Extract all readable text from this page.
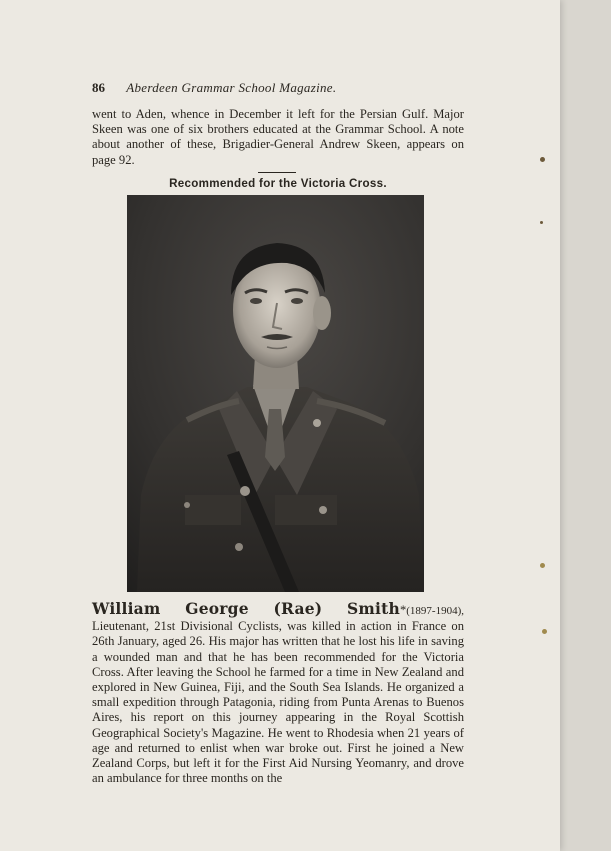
86 Aberdeen Grammar School Magazine.

went to Aden, whence in December it left for the Persian Gulf. Major Skeen was one of six brothers educated at the Grammar School. A note about another of these, Brigadier-General Andrew Skeen, appears on page 92.

Recommended for the Victoria Cross.

William George (Rae) Smith*(1897-1904), Lieutenant, 21st Divisional Cyclists, was killed in action in France on 26th January, aged 26. His major has written that he lost his life in saving a wounded man and that he has been recommended for the Victoria Cross. After leaving the School he farmed for a time in New Zealand and explored in New Guinea, Fiji, and the South Sea Islands. He organized a small expedition through Patagonia, riding from Punta Arenas to Buenos Aires, his report on this journey appearing in the Royal Scottish Geographical Society's Magazine. He went to Rhodesia when 21 years of age and returned to enlist when war broke out. First he joined a New Zealand Corps, but left it for the First Aid Nursing Yeomanry, and drove an ambulance for three months on the
